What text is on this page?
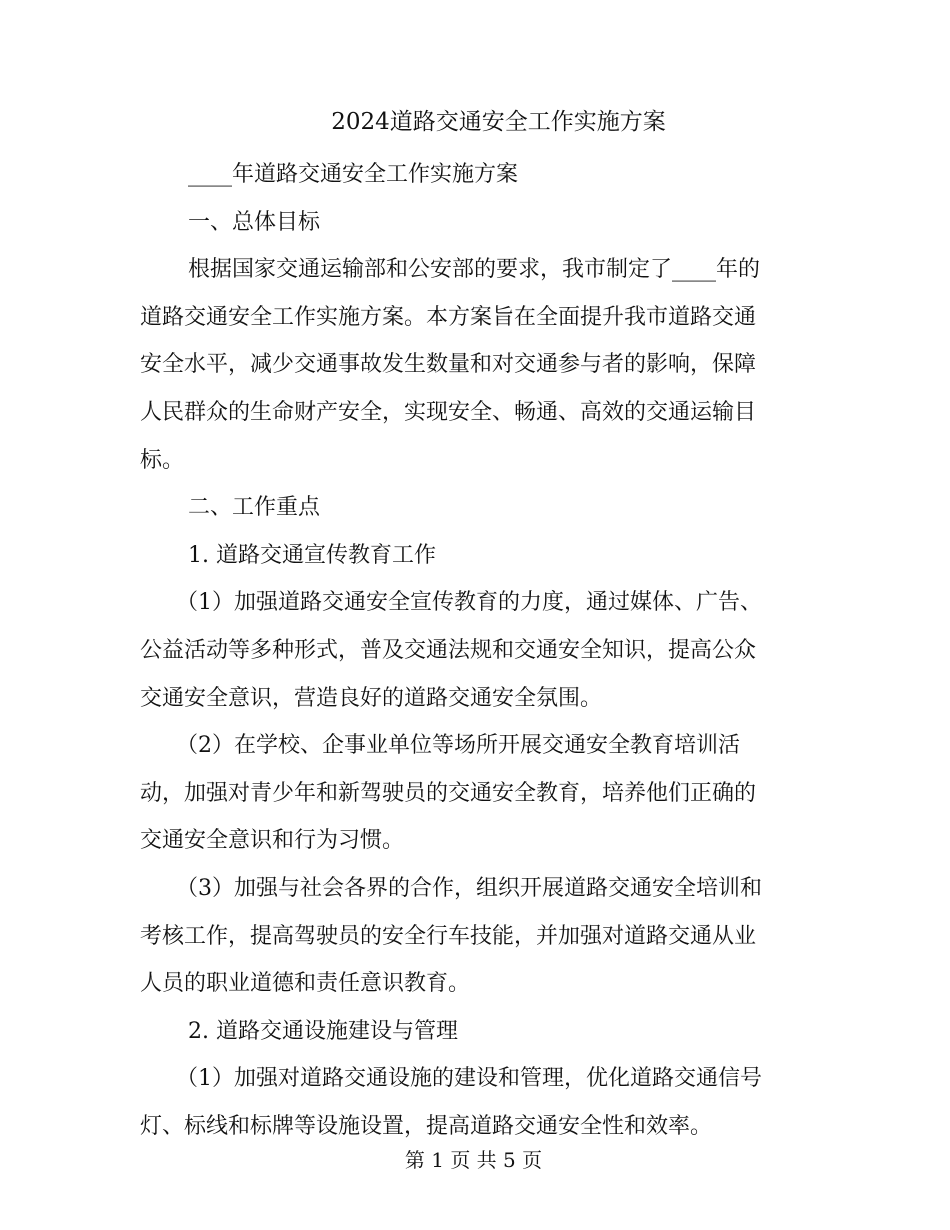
2024道路交通安全工作实施方案
____年道路交通安全工作实施方案
一、总体目标
根据国家交通运输部和公安部的要求，我市制定了____年的
道路交通安全工作实施方案。本方案旨在全面提升我市道路交通
安全水平，减少交通事故发生数量和对交通参与者的影响，保障
人民群众的生命财产安全，实现安全、畅通、高效的交通运输目
标。
二、工作重点
1. 道路交通宣传教育工作
（1）加强道路交通安全宣传教育的力度，通过媒体、广告、
公益活动等多种形式，普及交通法规和交通安全知识，提高公众
交通安全意识，营造良好的道路交通安全氛围。
（2）在学校、企事业单位等场所开展交通安全教育培训活
动，加强对青少年和新驾驶员的交通安全教育，培养他们正确的
交通安全意识和行为习惯。
（3）加强与社会各界的合作，组织开展道路交通安全培训和
考核工作，提高驾驶员的安全行车技能，并加强对道路交通从业
人员的职业道德和责任意识教育。
2. 道路交通设施建设与管理
（1）加强对道路交通设施的建设和管理，优化道路交通信号
灯、标线和标牌等设施设置，提高道路交通安全性和效率。
第 1 页 共 5 页
